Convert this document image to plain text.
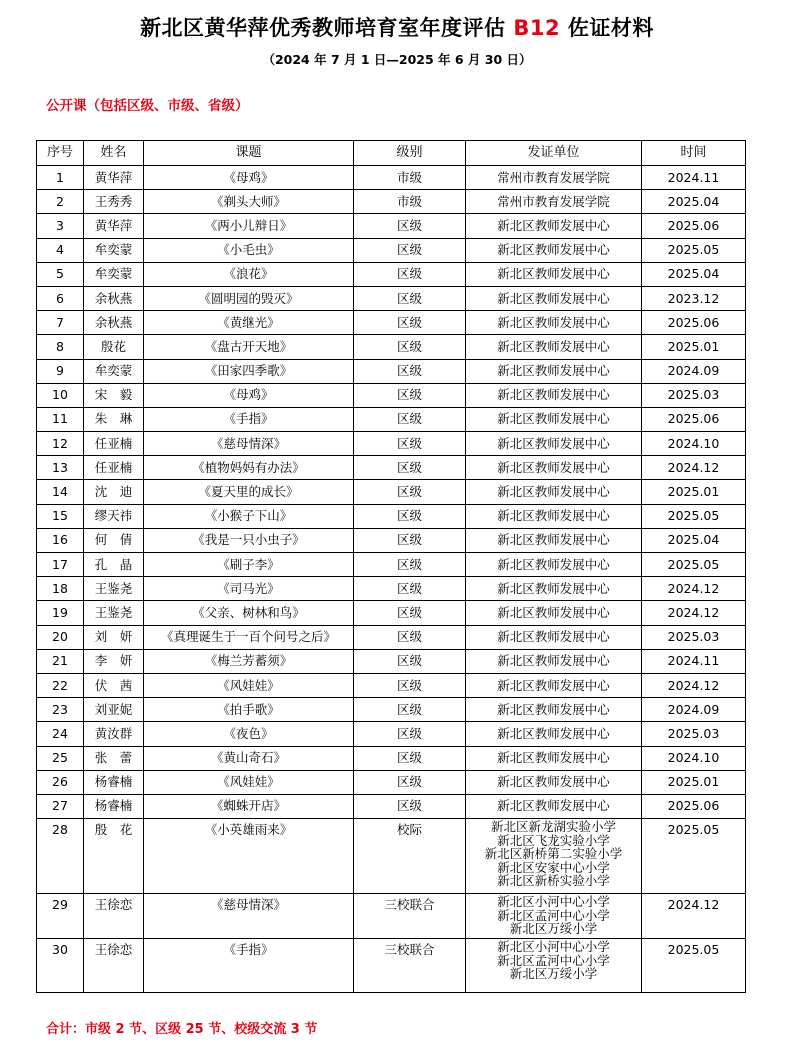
新北区黄华萍优秀教师培育室年度评估 B12 佐证材料
（2024 年 7 月 1 日—2025 年 6 月 30 日）
公开课（包括区级、市级、省级）
序号	姓名	课题	级别	发证单位	时间
1	黄华萍	《母鸡》	市级	常州市教育发展学院	2024.11
2	王秀秀	《剃头大师》	市级	常州市教育发展学院	2025.04
3	黄华萍	《两小儿辩日》	区级	新北区教师发展中心	2025.06
4	牟奕蒙	《小毛虫》	区级	新北区教师发展中心	2025.05
5	牟奕蒙	《浪花》	区级	新北区教师发展中心	2025.04
6	余秋燕	《圆明园的毁灭》	区级	新北区教师发展中心	2023.12
7	余秋燕	《黄继光》	区级	新北区教师发展中心	2025.06
8	殷花	《盘古开天地》	区级	新北区教师发展中心	2025.01
9	牟奕蒙	《田家四季歌》	区级	新北区教师发展中心	2024.09
10	宋　毅	《母鸡》	区级	新北区教师发展中心	2025.03
11	朱　琳	《手指》	区级	新北区教师发展中心	2025.06
12	任亚楠	《慈母情深》	区级	新北区教师发展中心	2024.10
13	任亚楠	《植物妈妈有办法》	区级	新北区教师发展中心	2024.12
14	沈　迪	《夏天里的成长》	区级	新北区教师发展中心	2025.01
15	缪天祎	《小猴子下山》	区级	新北区教师发展中心	2025.05
16	何　倩	《我是一只小虫子》	区级	新北区教师发展中心	2025.04
17	孔　晶	《刷子李》	区级	新北区教师发展中心	2025.05
18	王鉴尧	《司马光》	区级	新北区教师发展中心	2024.12
19	王鉴尧	《父亲、树林和鸟》	区级	新北区教师发展中心	2024.12
20	刘　妍	《真理诞生于一百个问号之后》	区级	新北区教师发展中心	2025.03
21	李　妍	《梅兰芳蓄须》	区级	新北区教师发展中心	2024.11
22	伏　茜	《风娃娃》	区级	新北区教师发展中心	2024.12
23	刘亚妮	《拍手歌》	区级	新北区教师发展中心	2024.09
24	黄汝群	《夜色》	区级	新北区教师发展中心	2025.03
25	张　蕾	《黄山奇石》	区级	新北区教师发展中心	2024.10
26	杨睿楠	《风娃娃》	区级	新北区教师发展中心	2025.01
27	杨睿楠	《蜘蛛开店》	区级	新北区教师发展中心	2025.06
28	殷　花	《小英雄雨来》	校际	新北区新龙湖实验小学
新北区飞龙实验小学
新北区新桥第二实验小学
新北区安家中心小学
新北区新桥实验小学	2025.05
29	王徐恋	《慈母情深》	三校联合	新北区小河中心小学
新北区孟河中心小学
新北区万绥小学	2024.12
30	王徐恋	《手指》	三校联合	新北区小河中心小学
新北区孟河中心小学
新北区万绥小学	2025.05
合计：市级 2 节、区级 25 节、校级交流 3 节
